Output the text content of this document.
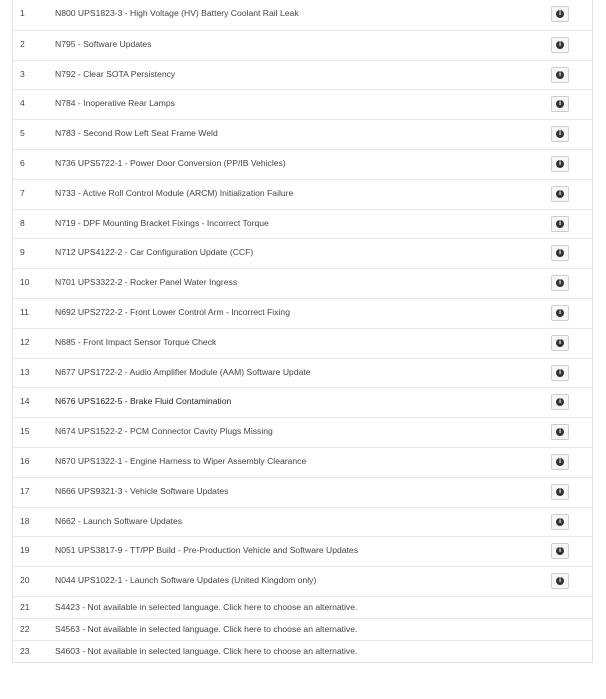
1	N800 UPS1823-3 - High Voltage (HV) Battery Coolant Rail Leak	i
2	N795 - Software Updates	i
3	N792 - Clear SOTA Persistency	i
4	N784 - Inoperative Rear Lamps	i
5	N783 - Second Row Left Seat Frame Weld	i
6	N736 UPS5722-1 - Power Door Conversion (PP/IB Vehicles)	i
7	N733 - Active Roll Control Module (ARCM) Initialization Failure	i
8	N719 - DPF Mounting Bracket Fixings - Incorrect Torque	i
9	N712 UPS4122-2 - Car Configuration Update (CCF)	i
10	N701 UPS3322-2 - Rocker Panel Water Ingress	i
11	N692 UPS2722-2 - Front Lower Control Arm - Incorrect Fixing	i
12	N685 - Front Impact Sensor Torque Check	i
13	N677 UPS1722-2 - Audio Amplifier Module (AAM) Software Update	i
14	N676 UPS1622-5 - Brake Fluid Contamination	i
15	N674 UPS1522-2 - PCM Connector Cavity Plugs Missing	i
16	N670 UPS1322-1 - Engine Harness to Wiper Assembly Clearance	i
17	N666 UPS9321-3 - Vehicle Software Updates	i
18	N662 - Launch Software Updates	i
19	N051 UPS3817-9 - TT/PP Build - Pre-Production Vehicle and Software Updates	i
20	N044 UPS1022-1 - Launch Software Updates (United Kingdom only)	i
21	S4423 - Not available in selected language. Click here to choose an alternative.
22	S4563 - Not available in selected language. Click here to choose an alternative.
23	S4603 - Not available in selected language. Click here to choose an alternative.
